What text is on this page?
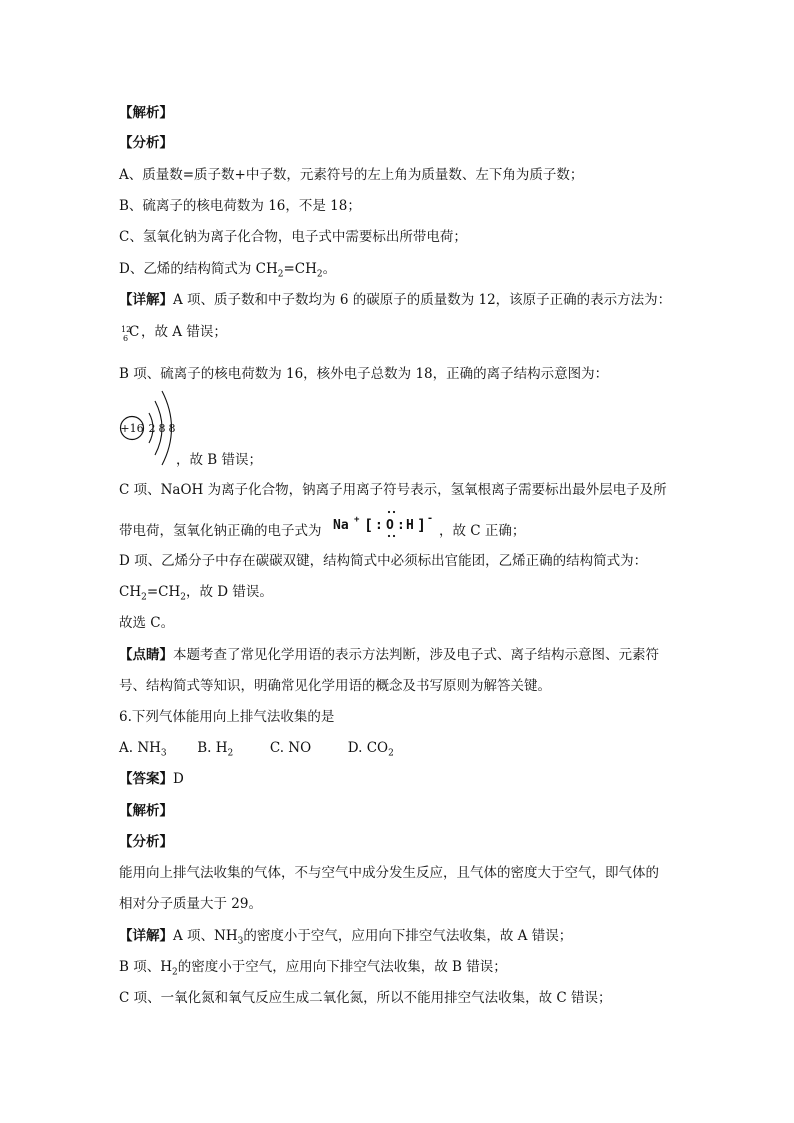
【解析】
【分析】
A、质量数=质子数+中子数，元素符号的左上角为质量数、左下角为质子数；
B、硫离子的核电荷数为 16，不是 18；
C、氢氧化钠为离子化合物，电子式中需要标出所带电荷；
D、乙烯的结构简式为 $CH_2=CH_2$。
【详解】A 项、质子数和中子数均为 6 的碳原子的质量数为 12，该原子正确的表示方法为：
12
6 C ，故 A 错误；
B 项、硫离子的核电荷数为 16，核外电子总数为 18，正确的离子结构示意图为：
+16 2 8 8
，故 B 错误；
C 项、NaOH 为离子化合物，钠离子用离子符号表示，氢氧根离子需要标出最外层电子及所
带电荷，氢氧化钠正确的电子式为 Na + [ : O : H ] -
，故 C 正确；
D 项、乙烯分子中存在碳碳双键，结构简式中必须标出官能团，乙烯正确的结构简式为：
$CH_2=CH_2$，故 D 错误。
故选 C。
【点睛】本题考查了常见化学用语的表示方法判断，涉及电子式、离子结构示意图、元素符
号、结构简式等知识，明确常见化学用语的概念及书写原则为解答关键。
6.下列气体能用向上排气法收集的是
A. $NH_3$ B. $H_2$	C. NO	D. $CO_2$
【答案】D
【解析】
【分析】
能用向上排气法收集的气体，不与空气中成分发生反应，且气体的密度大于空气，即气体的
相对分子质量大于 29。
【详解】A 项、$NH_3$的密度小于空气，应用向下排空气法收集，故 A 错误；
B 项、$H_2$的密度小于空气，应用向下排空气法收集，故 B 错误；
C 项、一氧化氮和氧气反应生成二氧化氮，所以不能用排空气法收集，故 C 错误；
